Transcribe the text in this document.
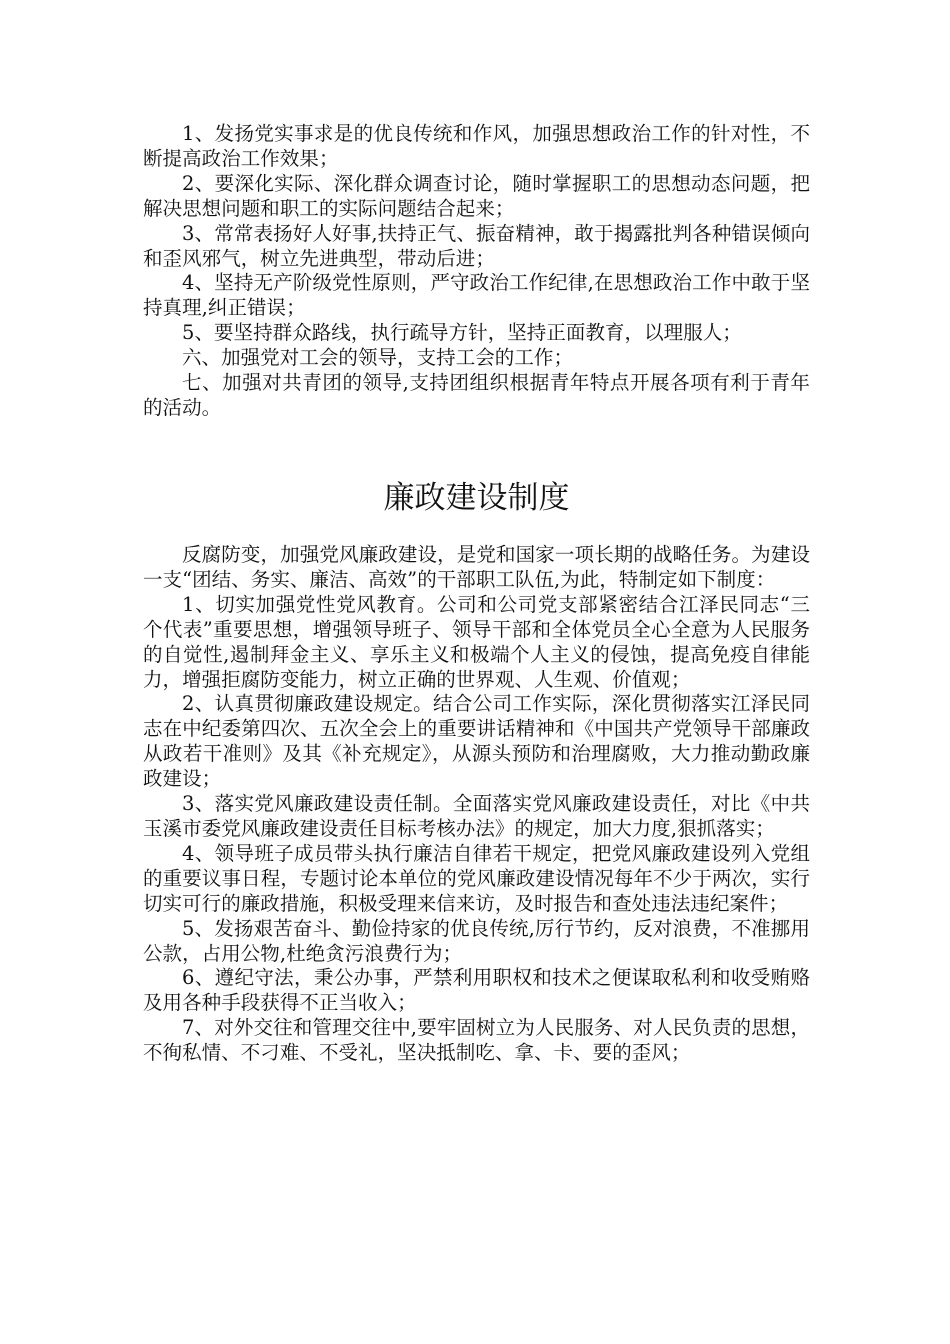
1、发扬党实事求是的优良传统和作风，加强思想政治工作的针对性，不断提高政治工作效果；

2、要深化实际、深化群众调查讨论，随时掌握职工的思想动态问题，把解决思想问题和职工的实际问题结合起来；

3、常常表扬好人好事,扶持正气、振奋精神，敢于揭露批判各种错误倾向和歪风邪气，树立先进典型，带动后进；

4、坚持无产阶级党性原则，严守政治工作纪律,在思想政治工作中敢于坚持真理,纠正错误；

5、要坚持群众路线，执行疏导方针，坚持正面教育，以理服人；

六、加强党对工会的领导，支持工会的工作；

七、加强对共青团的领导,支持团组织根据青年特点开展各项有利于青年的活动。

廉政建设制度

反腐防变，加强党风廉政建设，是党和国家一项长期的战略任务。为建设一支“团结、务实、廉洁、高效”的干部职工队伍,为此，特制定如下制度：

1、切实加强党性党风教育。公司和公司党支部紧密结合江泽民同志“三个代表”重要思想，增强领导班子、领导干部和全体党员全心全意为人民服务的自觉性,遏制拜金主义、享乐主义和极端个人主义的侵蚀，提高免疫自律能力，增强拒腐防变能力，树立正确的世界观、人生观、价值观；

2、认真贯彻廉政建设规定。结合公司工作实际，深化贯彻落实江泽民同志在中纪委第四次、五次全会上的重要讲话精神和《中国共产党领导干部廉政从政若干准则》及其《补充规定》，从源头预防和治理腐败，大力推动勤政廉政建设；

3、落实党风廉政建设责任制。全面落实党风廉政建设责任，对比《中共玉溪市委党风廉政建设责任目标考核办法》的规定，加大力度,狠抓落实；

4、领导班子成员带头执行廉洁自律若干规定，把党风廉政建设列入党组的重要议事日程，专题讨论本单位的党风廉政建设情况每年不少于两次，实行切实可行的廉政措施，积极受理来信来访，及时报告和查处违法违纪案件；

5、发扬艰苦奋斗、勤俭持家的优良传统,厉行节约，反对浪费，不准挪用公款，占用公物,杜绝贪污浪费行为；

6、遵纪守法，秉公办事，严禁利用职权和技术之便谋取私利和收受贿赂及用各种手段获得不正当收入；

7、对外交往和管理交往中,要牢固树立为人民服务、对人民负责的思想，不徇私情、不刁难、不受礼，坚决抵制吃、拿、卡、要的歪风；
